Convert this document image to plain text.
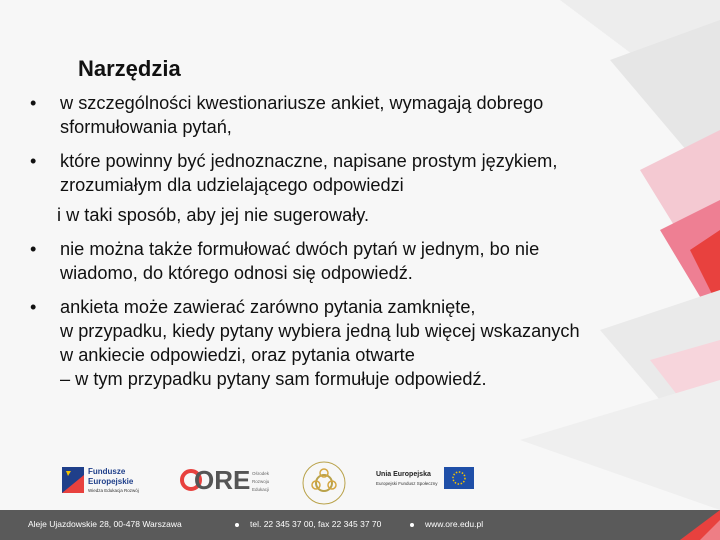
Narzędzia
• w szczególności kwestionariusze ankiet, wymagają dobrego
sformułowania pytań,
• które powinny być jednoznaczne, napisane prostym językiem,
zrozumiałym dla udzielającego odpowiedzi
i w taki sposób, aby jej nie sugerowały.
• nie można także formułować dwóch pytań w jednym, bo nie
wiadomo, do którego odnosi się odpowiedź.
• ankieta może zawierać zarówno pytania zamknięte,
w przypadku, kiedy pytany wybiera jedną lub więcej wskazanych
w ankiecie odpowiedzi, oraz pytania otwarte
– w tym przypadku pytany sam formułuje odpowiedź.
Fundusze
Europejskie
Wiedza Edukacja Rozwój ORE Ośrodek
Rozwoju
Edukacji
Unia Europejska
Europejski Fundusz Społeczny
Aleje Ujazdowskie 28, 00-478 Warszawa	tel. 22 345 37 00, fax 22 345 37 70	www.ore.edu.pl
